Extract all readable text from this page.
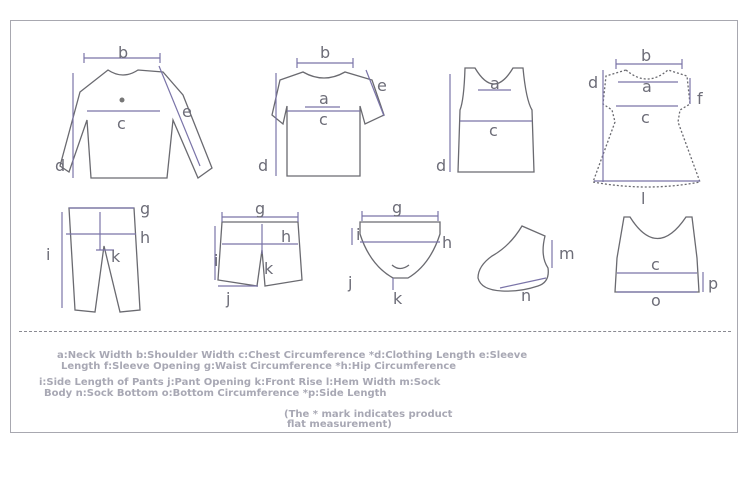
b
c
d
e
b
a
c
d
e	a
c
d
b
a
c
d
f
l
g
h
i	k
g
h
i	k
j
g
h
i
j
k
m
n
c
o
p

a:Neck Width b:Shoulder Width c:Chest Circumference *d:Clothing Length e:Sleeve

Length f:Sleeve Opening g:Waist Circumference *h:Hip Circumference

i:Side Length of Pants j:Pant Opening k:Front Rise l:Hem Width m:Sock

Body n:Sock Bottom o:Bottom Circumference *p:Side Length

(The * mark indicates product

flat measurement)
